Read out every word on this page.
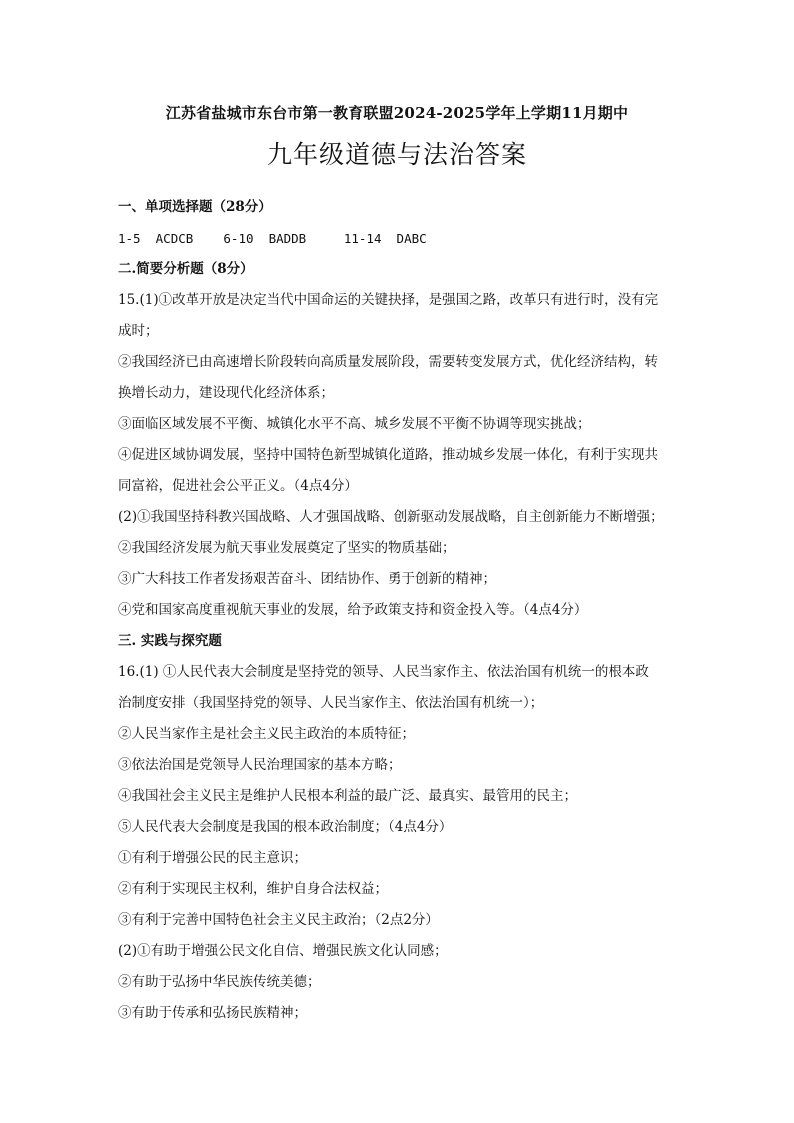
江苏省盐城市东台市第一教育联盟2024-2025学年上学期11月期中
九年级道德与法治答案
一、单项选择题（28分）
1-5 ACDCB 6-10 BADDB	11-14 DABC
二.简要分析题（8分）
15.(1)①改革开放是决定当代中国命运的关键抉择，是强国之路，改革只有进行时，没有完
成时；
②我国经济已由高速增长阶段转向高质量发展阶段，需要转变发展方式，优化经济结构，转
换增长动力，建设现代化经济体系；
③面临区域发展不平衡、城镇化水平不高、城乡发展不平衡不协调等现实挑战；
④促进区域协调发展，坚持中国特色新型城镇化道路，推动城乡发展一体化，有利于实现共
同富裕，促进社会公平正义。（4点4分）
(2)①我国坚持科教兴国战略、人才强国战略、创新驱动发展战略，自主创新能力不断增强；
②我国经济发展为航天事业发展奠定了坚实的物质基础；
③广大科技工作者发扬艰苦奋斗、团结协作、勇于创新的精神；
④党和国家高度重视航天事业的发展，给予政策支持和资金投入等。（4点4分）
三. 实践与探究题
16.(1) ①人民代表大会制度是坚持党的领导、人民当家作主、依法治国有机统一的根本政
治制度安排（我国坚持党的领导、人民当家作主、依法治国有机统一）；
②人民当家作主是社会主义民主政治的本质特征；
③依法治国是党领导人民治理国家的基本方略；
④我国社会主义民主是维护人民根本利益的最广泛、最真实、最管用的民主；
⑤人民代表大会制度是我国的根本政治制度；（4点4分）
①有利于增强公民的民主意识；
②有利于实现民主权利，维护自身合法权益；
③有利于完善中国特色社会主义民主政治；（2点2分）
(2)①有助于增强公民文化自信、增强民族文化认同感；
②有助于弘扬中华民族传统美德；
③有助于传承和弘扬民族精神；
